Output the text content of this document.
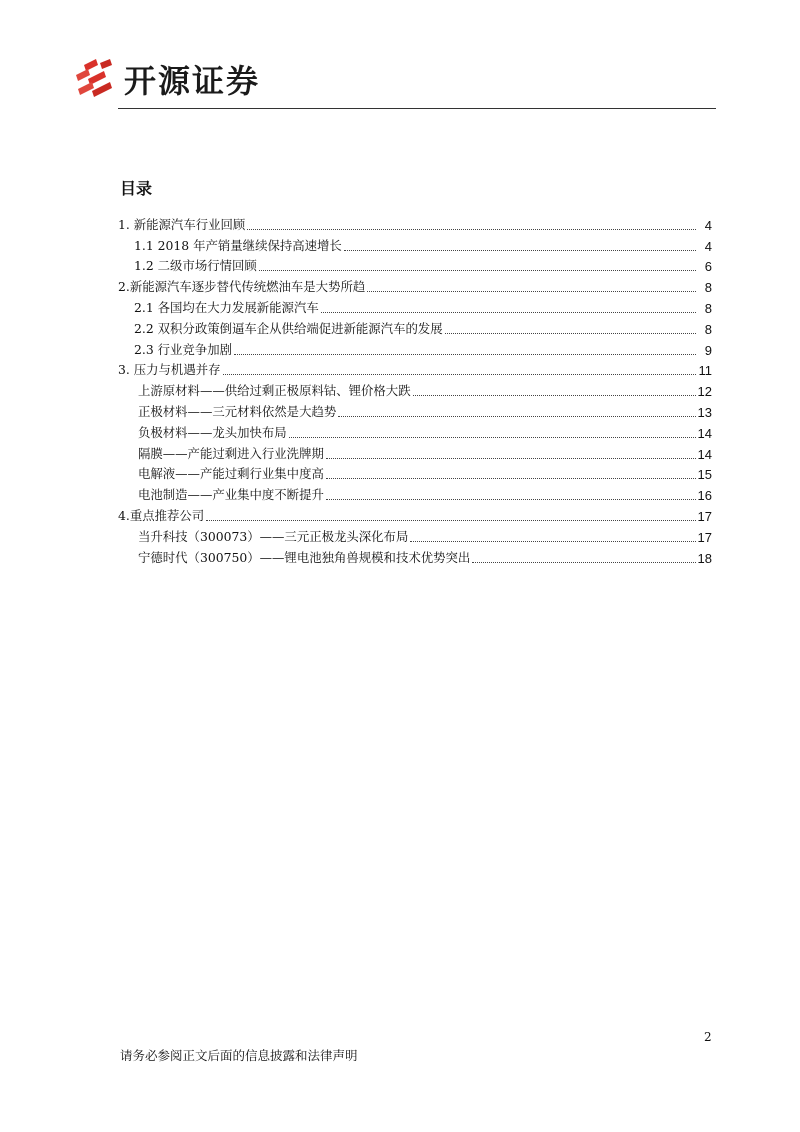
开源证券
目录
1. 新能源汽车行业回顾	4
1.1 2018 年产销量继续保持高速增长	4
1.2 二级市场行情回顾	6
2.新能源汽车逐步替代传统燃油车是大势所趋	8
2.1 各国均在大力发展新能源汽车	8
2.2 双积分政策倒逼车企从供给端促进新能源汽车的发展	8
2.3 行业竞争加剧	9
3. 压力与机遇并存	11
上游原材料——供给过剩正极原料钴、锂价格大跌	12
正极材料——三元材料依然是大趋势	13
负极材料——龙头加快布局	14
隔膜——产能过剩进入行业洗牌期	14
电解液——产能过剩行业集中度高	15
电池制造——产业集中度不断提升	16
4.重点推荐公司	17
当升科技（300073）——三元正极龙头深化布局	17
宁德时代（300750）——锂电池独角兽规模和技术优势突出	18
2
请务必参阅正文后面的信息披露和法律声明
